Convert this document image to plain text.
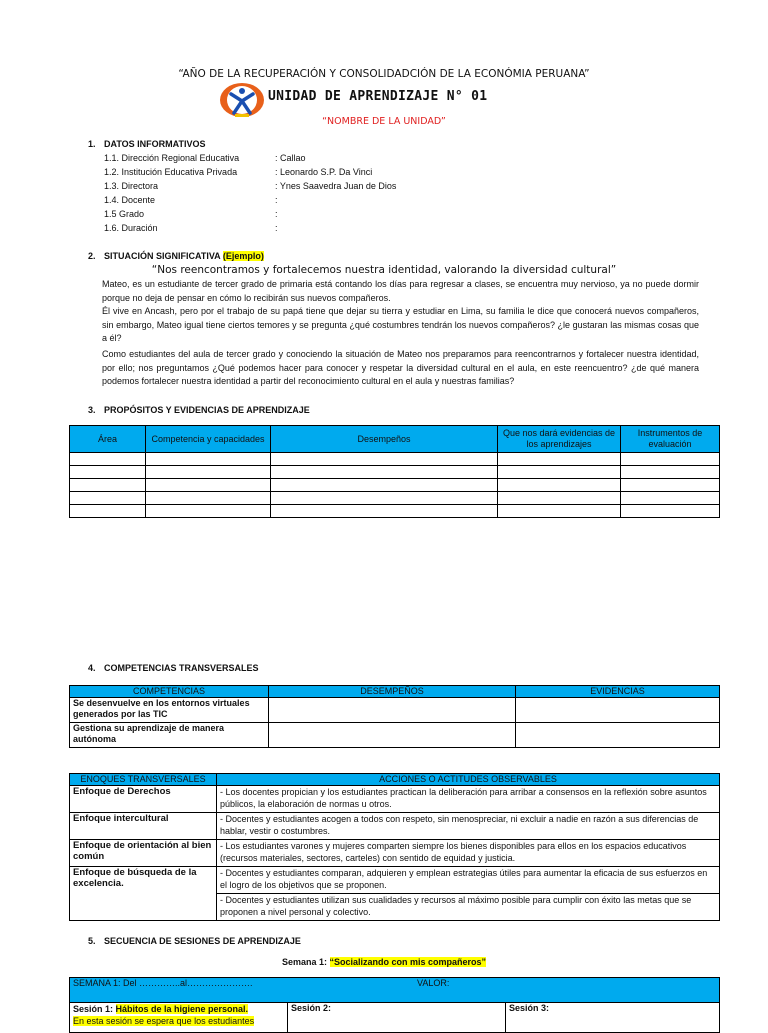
“AÑO DE LA RECUPERACIÓN Y CONSOLIDADCIÓN DE LA ECONÓMIA PERUANA”
UNIDAD DE APRENDIZAJE N° 01
“NOMBRE DE LA UNIDAD”
1. DATOS INFORMATIVOS
1.1. Dirección Regional Educativa	: Callao
1.2. Institución Educativa Privada	: Leonardo S.P. Da Vinci
1.3. Directora	: Ynes Saavedra Juan de Dios
1.4. Docente	:
1.5 Grado	:
1.6. Duración	:
2. SITUACIÓN SIGNIFICATIVA (Ejemplo)
“Nos reencontramos y fortalecemos nuestra identidad, valorando la diversidad cultural”
Mateo, es un estudiante de tercer grado de primaria está contando los días para regresar a clases, se encuentra muy nervioso, ya no puede dormir porque no deja de pensar en cómo lo recibirán sus nuevos compañeros.
Él vive en Ancash, pero por el trabajo de su papá tiene que dejar su tierra y estudiar en Lima, su familia le dice que conocerá nuevos compañeros, sin embargo, Mateo igual tiene ciertos temores y se pregunta ¿qué costumbres tendrán los nuevos compañeros? ¿le gustaran las mismas cosas que a él?
Como estudiantes del aula de tercer grado y conociendo la situación de Mateo nos preparamos para reencontrarnos y fortalecer nuestra identidad, por ello; nos preguntamos ¿Qué podemos hacer para conocer y respetar la diversidad cultural en el aula, en este reencuentro? ¿de qué manera podemos fortalecer nuestra identidad a partir del reconocimiento cultural en el aula y nuestras familias?
3. PROPÓSITOS Y EVIDENCIAS DE APRENDIZAJE
Área	Competencia y capacidades	Desempeños	Que nos dará evidencias de los aprendizajes	Instrumentos de evaluación

4. COMPETENCIAS TRANSVERSALES
COMPETENCIAS	DESEMPEÑOS	EVIDENCIAS
Se desenvuelve en los entornos virtuales generados por las TIC		
Gestiona su aprendizaje de manera autónoma		
ENOQUES TRANSVERSALES	ACCIONES O ACTITUDES OBSERVABLES
Enfoque de Derechos	- Los docentes propician y los estudiantes practican la deliberación para arribar a consensos en la reflexión sobre asuntos públicos, la elaboración de normas u otros.
Enfoque intercultural	- Docentes y estudiantes acogen a todos con respeto, sin menospreciar, ni excluir a nadie en razón a sus diferencias de hablar, vestir o costumbres.
Enfoque de orientación al bien común	- Los estudiantes varones y mujeres comparten siempre los bienes disponibles para ellos en los espacios educativos (recursos materiales, sectores, carteles) con sentido de equidad y justicia.
Enfoque de búsqueda de la excelencia.	- Docentes y estudiantes comparan, adquieren y emplean estrategias útiles para aumentar la eficacia de sus esfuerzos en el logro de los objetivos que se proponen.
	- Docentes y estudiantes utilizan sus cualidades y recursos al máximo posible para cumplir con éxito las metas que se proponen a nivel personal y colectivo.
5. SECUENCIA DE SESIONES DE APRENDIZAJE
Semana 1: “Socializando con mis compañeros”
SEMANA 1: Del …………..al………………….	VALOR:

Sesión 1: Hábitos de la higiene personal.
En esta sesión se espera que los estudiantes	Sesión 2:	Sesión 3:
